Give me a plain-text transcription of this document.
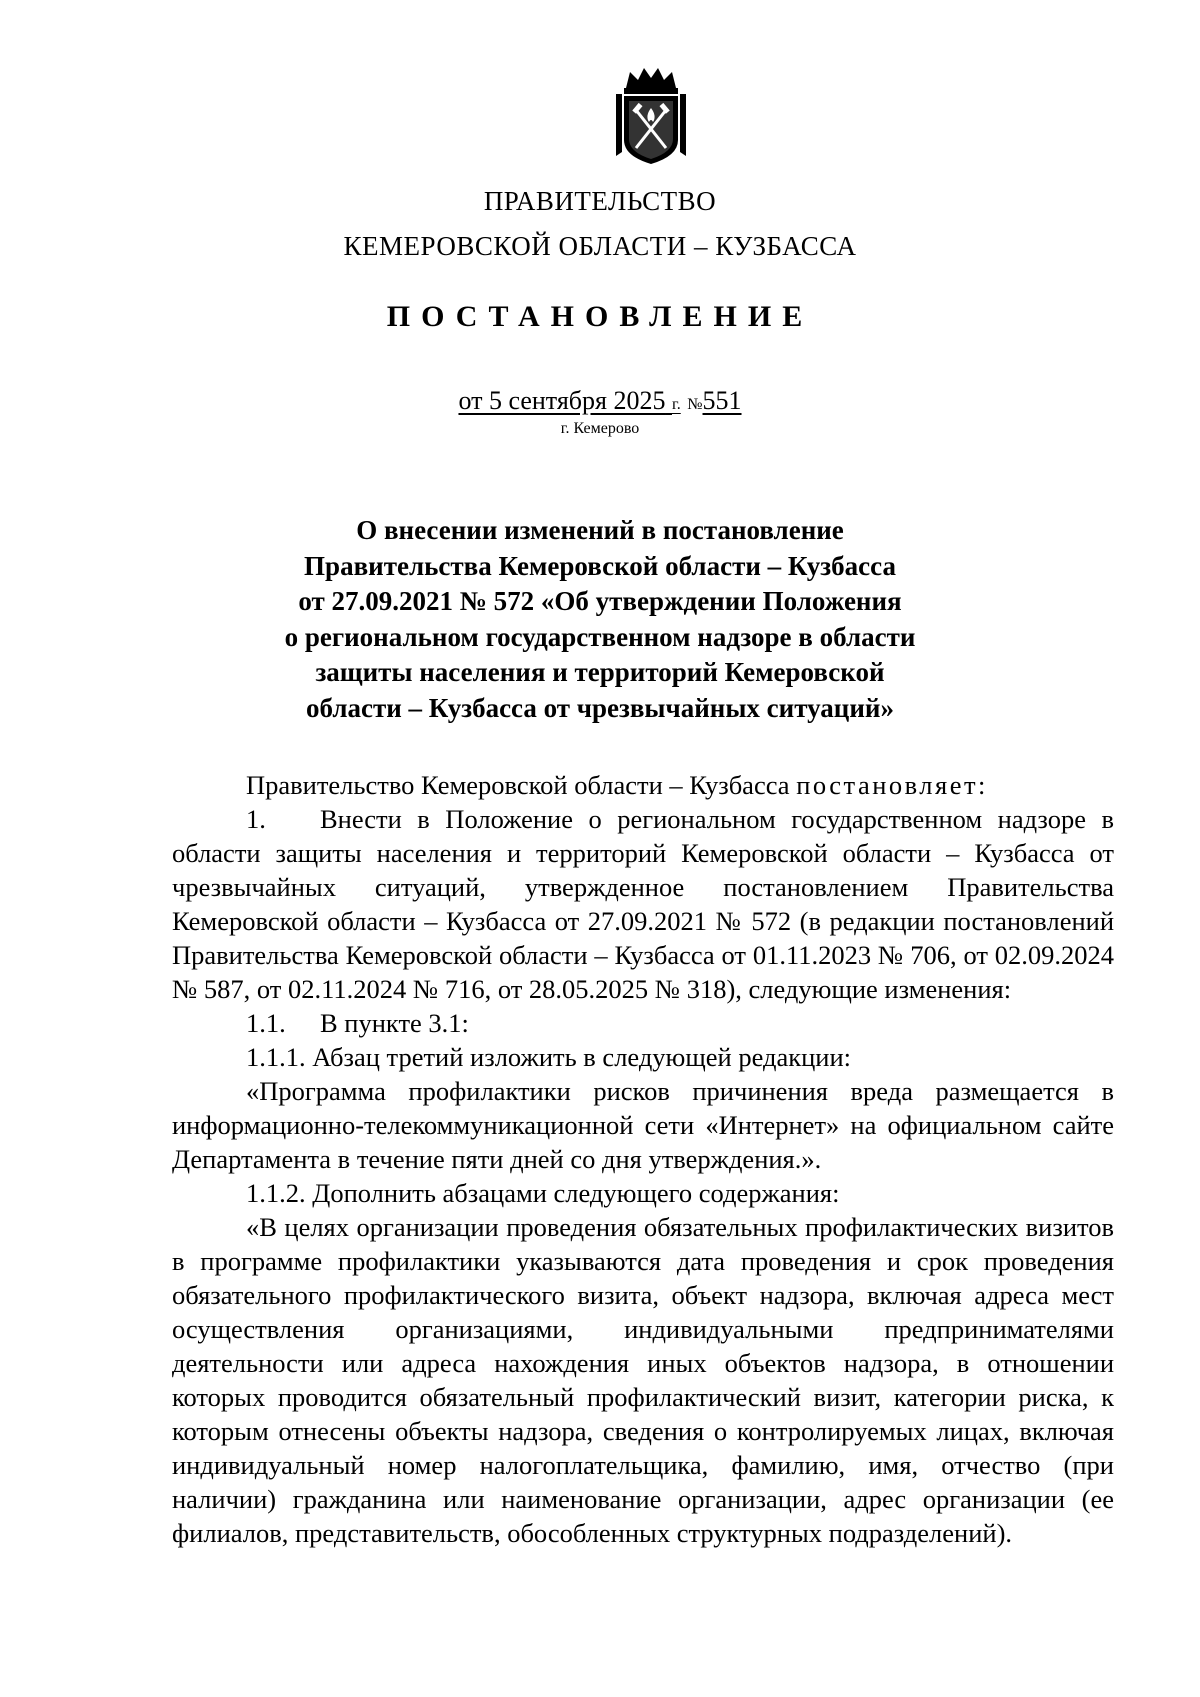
ПРАВИТЕЛЬСТВО
КЕМЕРОВСКОЙ ОБЛАСТИ – КУЗБАССА
ПОСТАНОВЛЕНИЕ
от 5 сентября 2025 г. №551
г. Кемерово
О внесении изменений в постановление
Правительства Кемеровской области – Кузбасса
от 27.09.2021 № 572 «Об утверждении Положения
о региональном государственном надзоре в области
защиты населения и территорий Кемеровской
области – Кузбасса от чрезвычайных ситуаций»

Правительство Кемеровской области – Кузбасса постановляет:

1. Внести в Положение о региональном государственном надзоре в области защиты населения и территорий Кемеровской области – Кузбасса от чрезвычайных ситуаций, утвержденное постановлением Правительства Кемеровской области – Кузбасса от 27.09.2021 № 572 (в редакции постановлений Правительства Кемеровской области – Кузбасса от 01.11.2023 № 706, от 02.09.2024 № 587, от 02.11.2024 № 716, от 28.05.2025 № 318), следующие изменения:

1.1. В пункте 3.1:

1.1.1. Абзац третий изложить в следующей редакции:

«Программа профилактики рисков причинения вреда размещается в информационно-телекоммуникационной сети «Интернет» на официальном сайте Департамента в течение пяти дней со дня утверждения.».

1.1.2. Дополнить абзацами следующего содержания:

«В целях организации проведения обязательных профилактических визитов в программе профилактики указываются дата проведения и срок проведения обязательного профилактического визита, объект надзора, включая адреса мест осуществления организациями, индивидуальными предпринимателями деятельности или адреса нахождения иных объектов надзора, в отношении которых проводится обязательный профилактический визит, категории риска, к которым отнесены объекты надзора, сведения о контролируемых лицах, включая индивидуальный номер налогоплательщика, фамилию, имя, отчество (при наличии) гражданина или наименование организации, адрес организации (ее филиалов, представительств, обособленных структурных подразделений).
